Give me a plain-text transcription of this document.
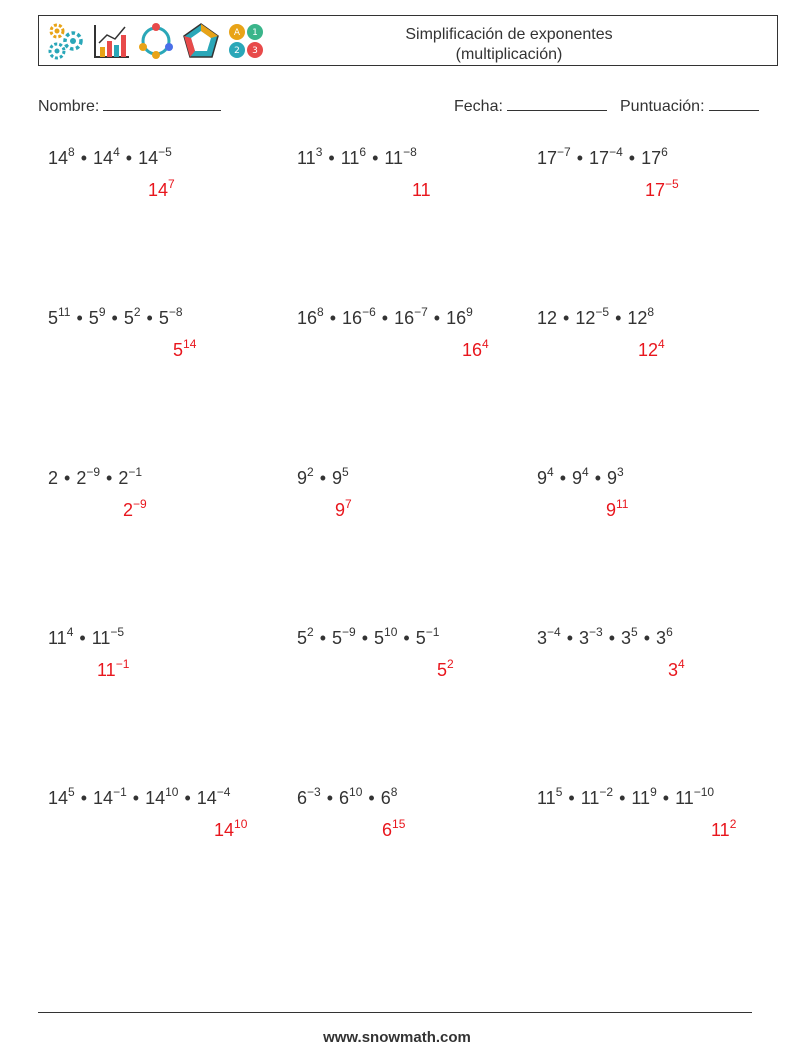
A 1
2 3
Simplificación de exponentes
(multiplicación)
Nombre:	Fecha:	Puntuación:
$14^8$ • $14^4$ • $14^{-5}$
$14^7$
$11^3$ • $11^6$ • $11^{-8}$
11
$17^{-7}$ • $17^{-4}$ • $17^6$
$17^{-5}$
$5^{11}$ • $5^9$ • $5^2$ • $5^{-8}$
$5^{14}$
$16^8$ • $16^{-6}$ • $16^{-7}$ • $16^9$
$16^4$
12 • $12^{-5}$ • $12^8$
$12^4$
2 • $2^{-9}$ • $2^{-1}$
$2^{-9}$
$9^2$ • $9^5$
$9^7$
$9^4$ • $9^4$ • $9^3$
$9^{11}$
$11^4$ • $11^{-5}$
$11^{-1}$
$5^2$ • $5^{-9}$ • $5^{10}$ • $5^{-1}$
$5^2$
$3^{-4}$ • $3^{-3}$ • $3^5$ • $3^6$
$3^4$
$14^5$ • $14^{-1}$ • $14^{10}$ • $14^{-4}$
$14^{10}$
$6^{-3}$ • $6^{10}$ • $6^8$
$6^{15}$
$11^5$ • $11^{-2}$ • $11^9$ • $11^{-10}$
$11^2$
www.snowmath.com
